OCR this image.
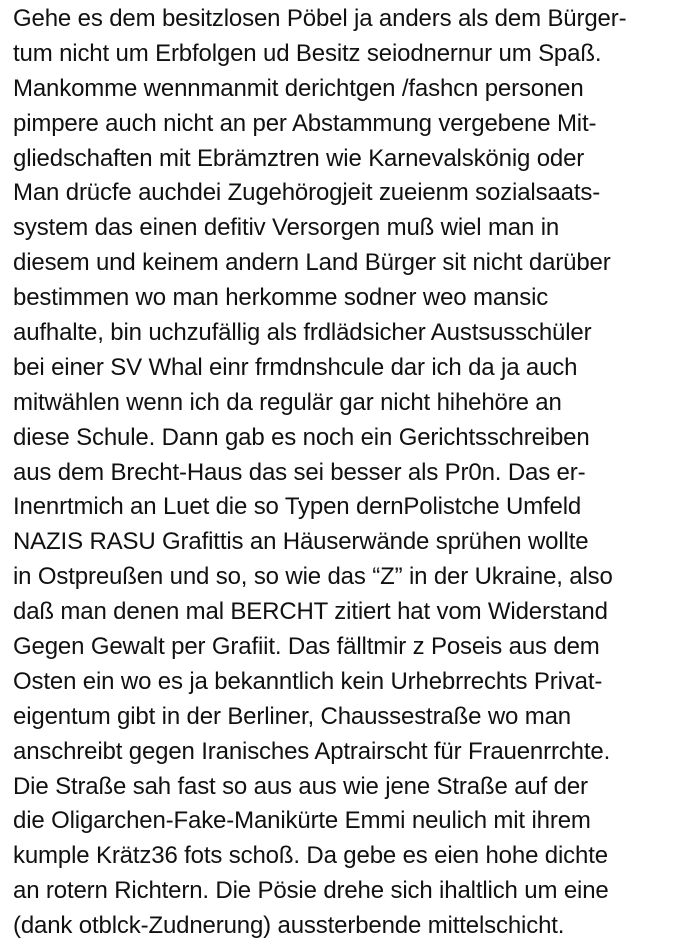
Gehe es dem besitzlosen Pöbel ja anders als dem Bürger-
tum nicht um Erbfolgen ud Besitz seiodnernur um Spaß.
Mankomme wennmanmit derichtgen /fashcn personen
pimpere auch nicht an per Abstammung vergebene Mit-
gliedschaften mit Ebrämztren wie Karnevalskönig oder
Man drücfe auchdei Zugehörogjeit zueienm sozialsaats-
system das einen defitiv Versorgen muß wiel man in
diesem und keinem andern Land Bürger sit nicht darüber
bestimmen wo man herkomme sodner weo mansic
aufhalte, bin uchzufällig als frdlädsicher Austsusschüler
bei einer SV Whal einr frmdnshcule dar ich da ja auch
mitwählen wenn ich da regulär gar nicht hihehöre an
diese Schule. Dann gab es noch ein Gerichtsschreiben
aus dem Brecht-Haus das sei besser als Pr0n. Das er-
Inenrtmich an Luet die so Typen dernPolistche Umfeld
NAZIS RASU Grafittis an Häuserwände sprühen wollte
in Ostpreußen und so, so wie das “Z” in der Ukraine, also
daß man denen mal BERCHT zitiert hat vom Widerstand
Gegen Gewalt per Grafiit. Das fälltmir z Poseis aus dem
Osten ein wo es ja bekanntlich kein Urhebrrechts Privat-
eigentum gibt in der Berliner, Chaussestraße wo man
anschreibt gegen Iranisches Aptrairscht für Frauenrrchte.
Die Straße sah fast so aus aus wie jene Straße auf der
die Oligarchen-Fake-Manikürte Emmi neulich mit ihrem
kumple Krätz36 fots schoß. Da gebe es eien hohe dichte
an rotern Richtern. Die Pösie drehe sich ihaltlich um eine
(dank otblck-Zudnerung) aussterbende mittelschicht.
